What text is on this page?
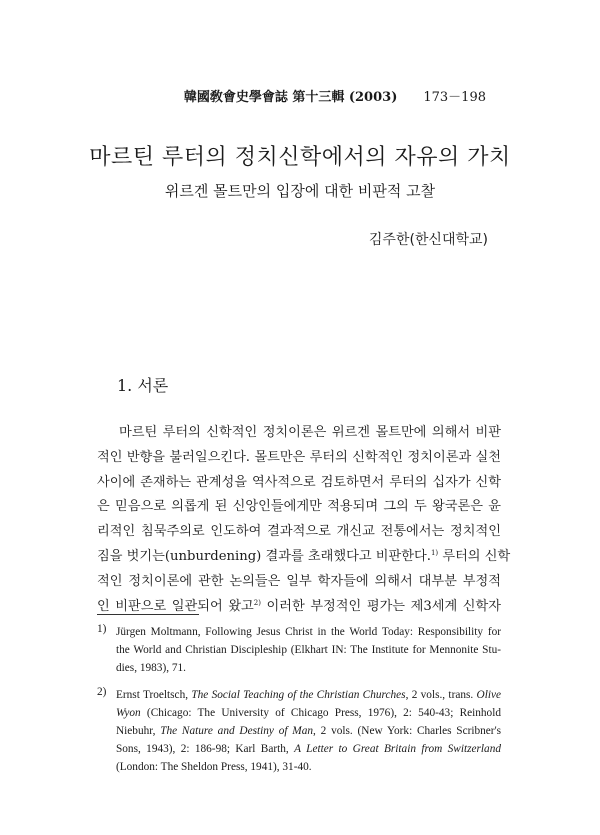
韓國敎會史學會誌 第十三輯 (2003) 173－198
마르틴 루터의 정치신학에서의 자유의 가치
위르겐 몰트만의 입장에 대한 비판적 고찰
김주한(한신대학교)
1. 서론
마르틴 루터의 신학적인 정치이론은 위르겐 몰트만에 의해서 비판
적인 반향을 불러일으킨다. 몰트만은 루터의 신학적인 정치이론과 실천
사이에 존재하는 관계성을 역사적으로 검토하면서 루터의 십자가 신학
은 믿음으로 의롭게 된 신앙인들에게만 적용되며 그의 두 왕국론은 윤
리적인 침묵주의로 인도하여 결과적으로 개신교 전통에서는 정치적인
짐을 벗기는(unburdening) 결과를 초래했다고 비판한다.$^{1)}$ 루터의 신학
적인 정치이론에 관한 논의들은 일부 학자들에 의해서 대부분 부정적
인 비판으로 일관되어 왔고$^{2)}$ 이러한 부정적인 평가는 제3세계 신학자
1) Jürgen Moltmann, Following Jesus Christ in the World Today: Responsibility for
the World and Christian Discipleship (Elkhart IN: The Institute for Mennonite Stu-
dies, 1983), 71.
2) Ernst Troeltsch, The Social Teaching of the Christian Churches, 2 vols., trans. Olive
Wyon (Chicago: The University of Chicago Press, 1976), 2: 540-43; Reinhold
Niebuhr, The Nature and Destiny of Man, 2 vols. (New York: Charles Scribner's
Sons, 1943), 2: 186-98; Karl Barth, A Letter to Great Britain from Switzerland
(London: The Sheldon Press, 1941), 31-40.
